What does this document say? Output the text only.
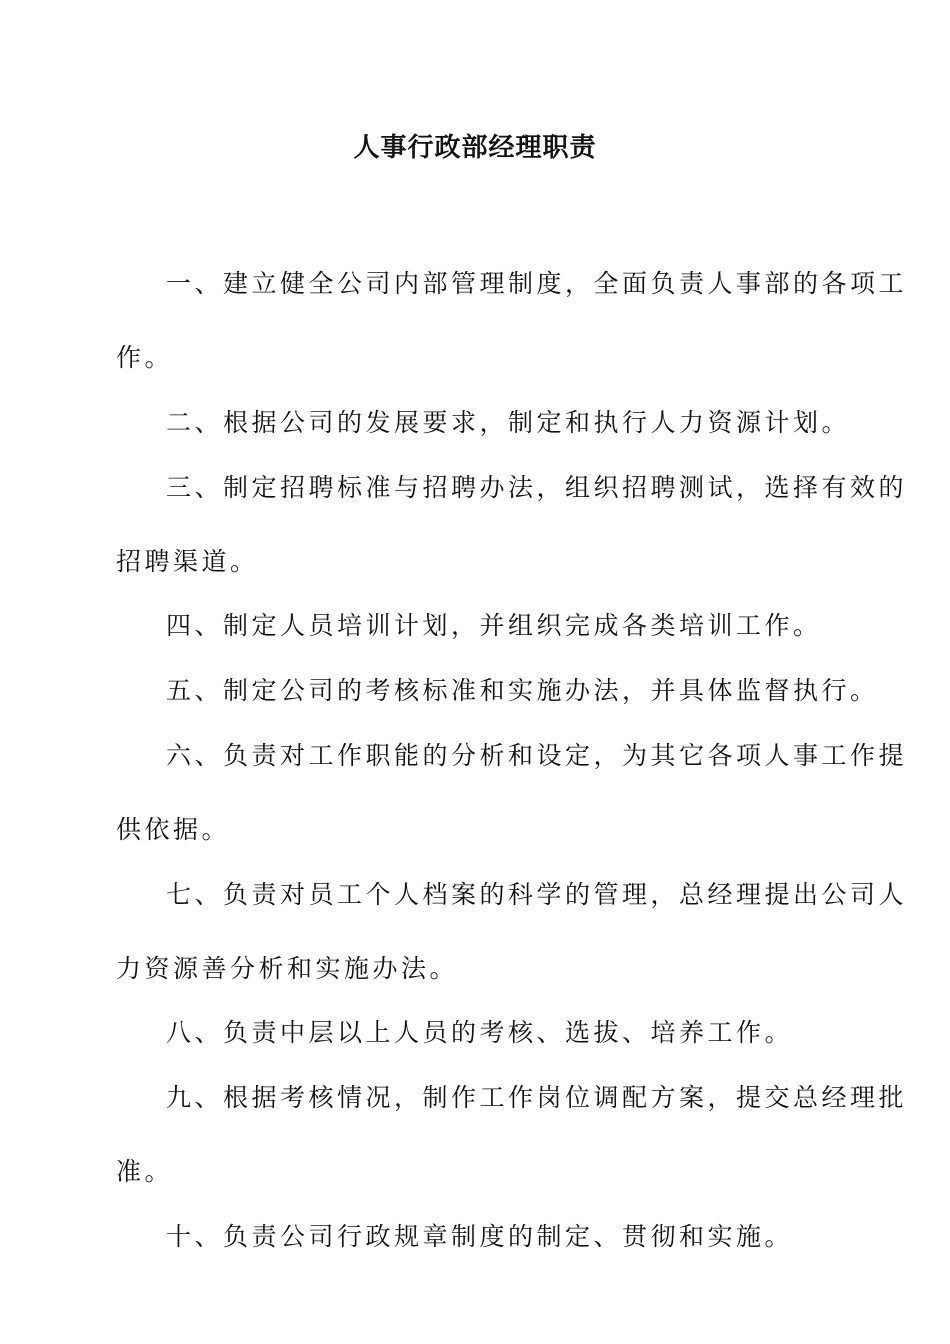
人事行政部经理职责
一、建立健全公司内部管理制度，全面负责人事部的各项工
作。
二、根据公司的发展要求，制定和执行人力资源计划。
三、制定招聘标准与招聘办法，组织招聘测试，选择有效的
招聘渠道。
四、制定人员培训计划，并组织完成各类培训工作。
五、制定公司的考核标准和实施办法，并具体监督执行。
六、负责对工作职能的分析和设定，为其它各项人事工作提
供依据。
七、负责对员工个人档案的科学的管理，总经理提出公司人
力资源善分析和实施办法。
八、负责中层以上人员的考核、选拔、培养工作。
九、根据考核情况，制作工作岗位调配方案，提交总经理批
准。
十、负责公司行政规章制度的制定、贯彻和实施。
